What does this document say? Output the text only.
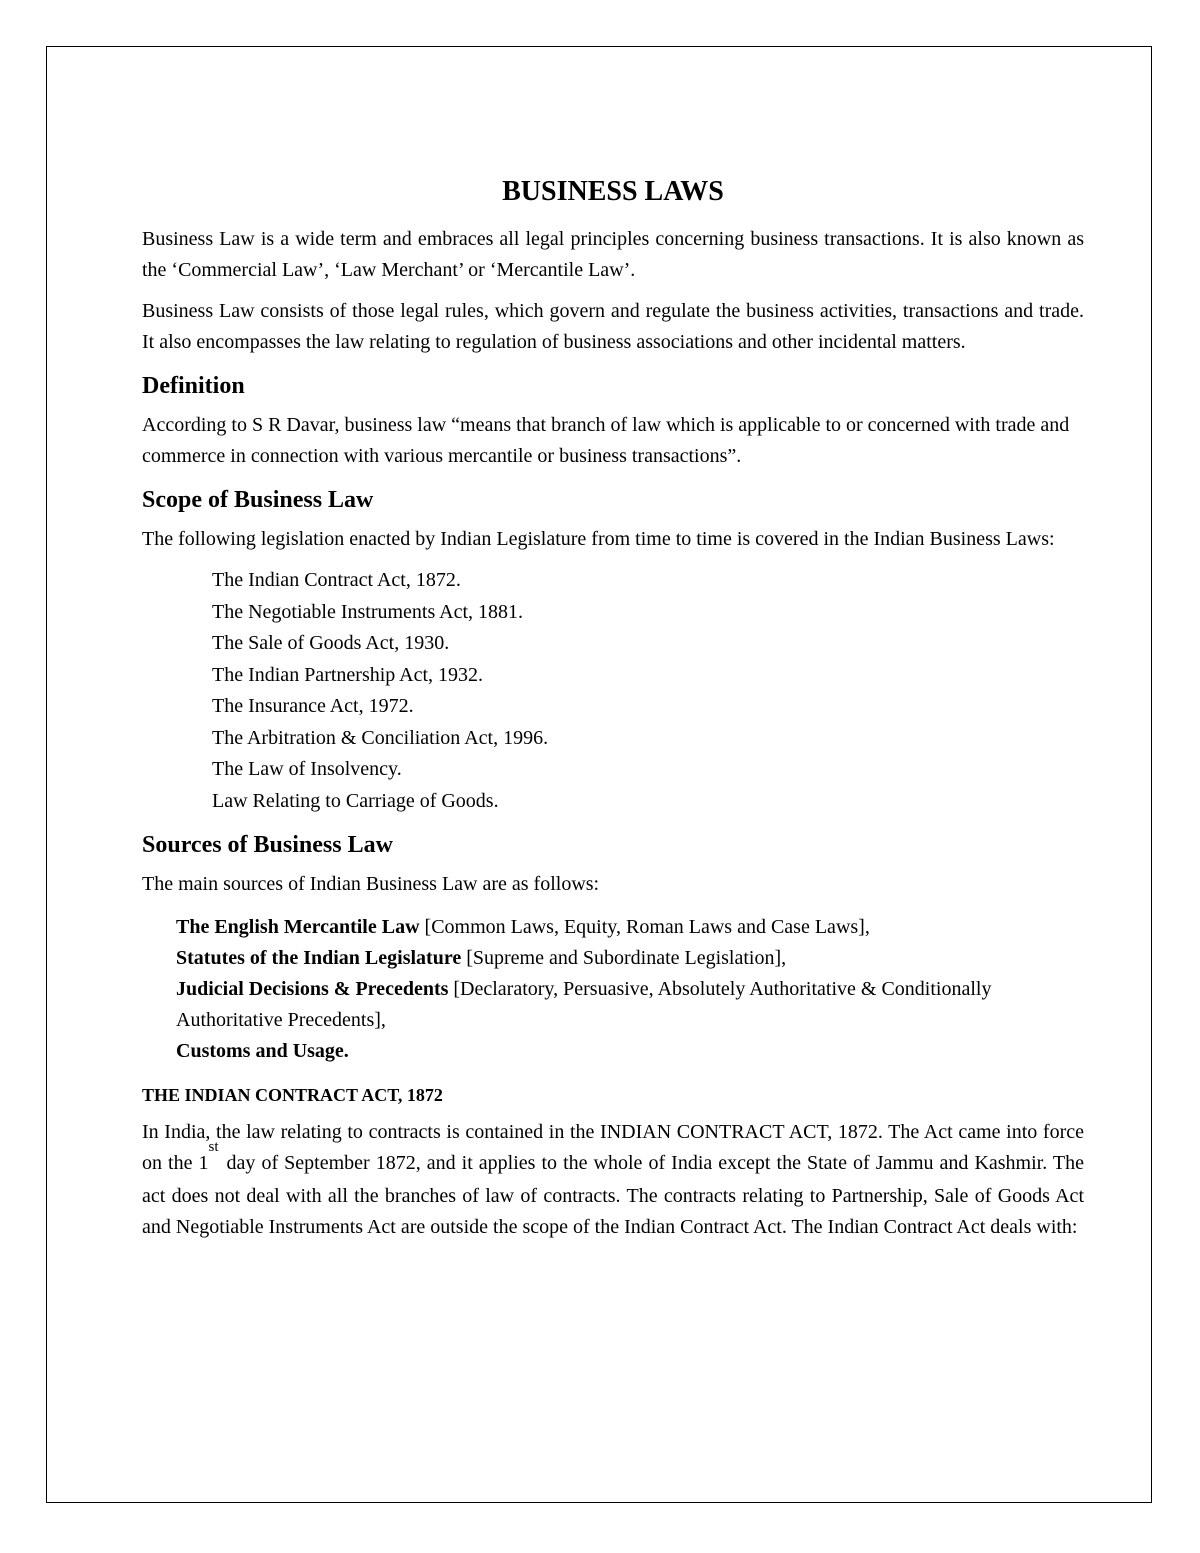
BUSINESS LAWS

Business Law is a wide term and embraces all legal principles concerning business transactions. It is also known as the ‘Commercial Law’, ‘Law Merchant’ or ‘Mercantile Law’.

Business Law consists of those legal rules, which govern and regulate the business activities, transactions and trade. It also encompasses the law relating to regulation of business associations and other incidental matters.

Definition

According to S R Davar, business law “means that branch of law which is applicable to or concerned with trade and commerce in connection with various mercantile or business transactions”.

Scope of Business Law

The following legislation enacted by Indian Legislature from time to time is covered in the Indian Business Laws:

The Indian Contract Act, 1872.
The Negotiable Instruments Act, 1881.
The Sale of Goods Act, 1930.
The Indian Partnership Act, 1932.
The Insurance Act, 1972.
The Arbitration & Conciliation Act, 1996.
The Law of Insolvency.
Law Relating to Carriage of Goods.
Sources of Business Law

The main sources of Indian Business Law are as follows:

The English Mercantile Law [Common Laws, Equity, Roman Laws and Case Laws],
Statutes of the Indian Legislature [Supreme and Subordinate Legislation],
Judicial Decisions & Precedents [Declaratory, Persuasive, Absolutely Authoritative & Conditionally Authoritative Precedents],
Customs and Usage.
THE INDIAN CONTRACT ACT, 1872

In India, the law relating to contracts is contained in the INDIAN CONTRACT ACT, 1872. The Act came into force on the 1stday of September 1872, and it applies to the whole of India except the State of Jammu and Kashmir. The act does not deal with all the branches of law of contracts. The contracts relating to Partnership, Sale of Goods Act and Negotiable Instruments Act are outside the scope of the Indian Contract Act. The Indian Contract Act deals with:
